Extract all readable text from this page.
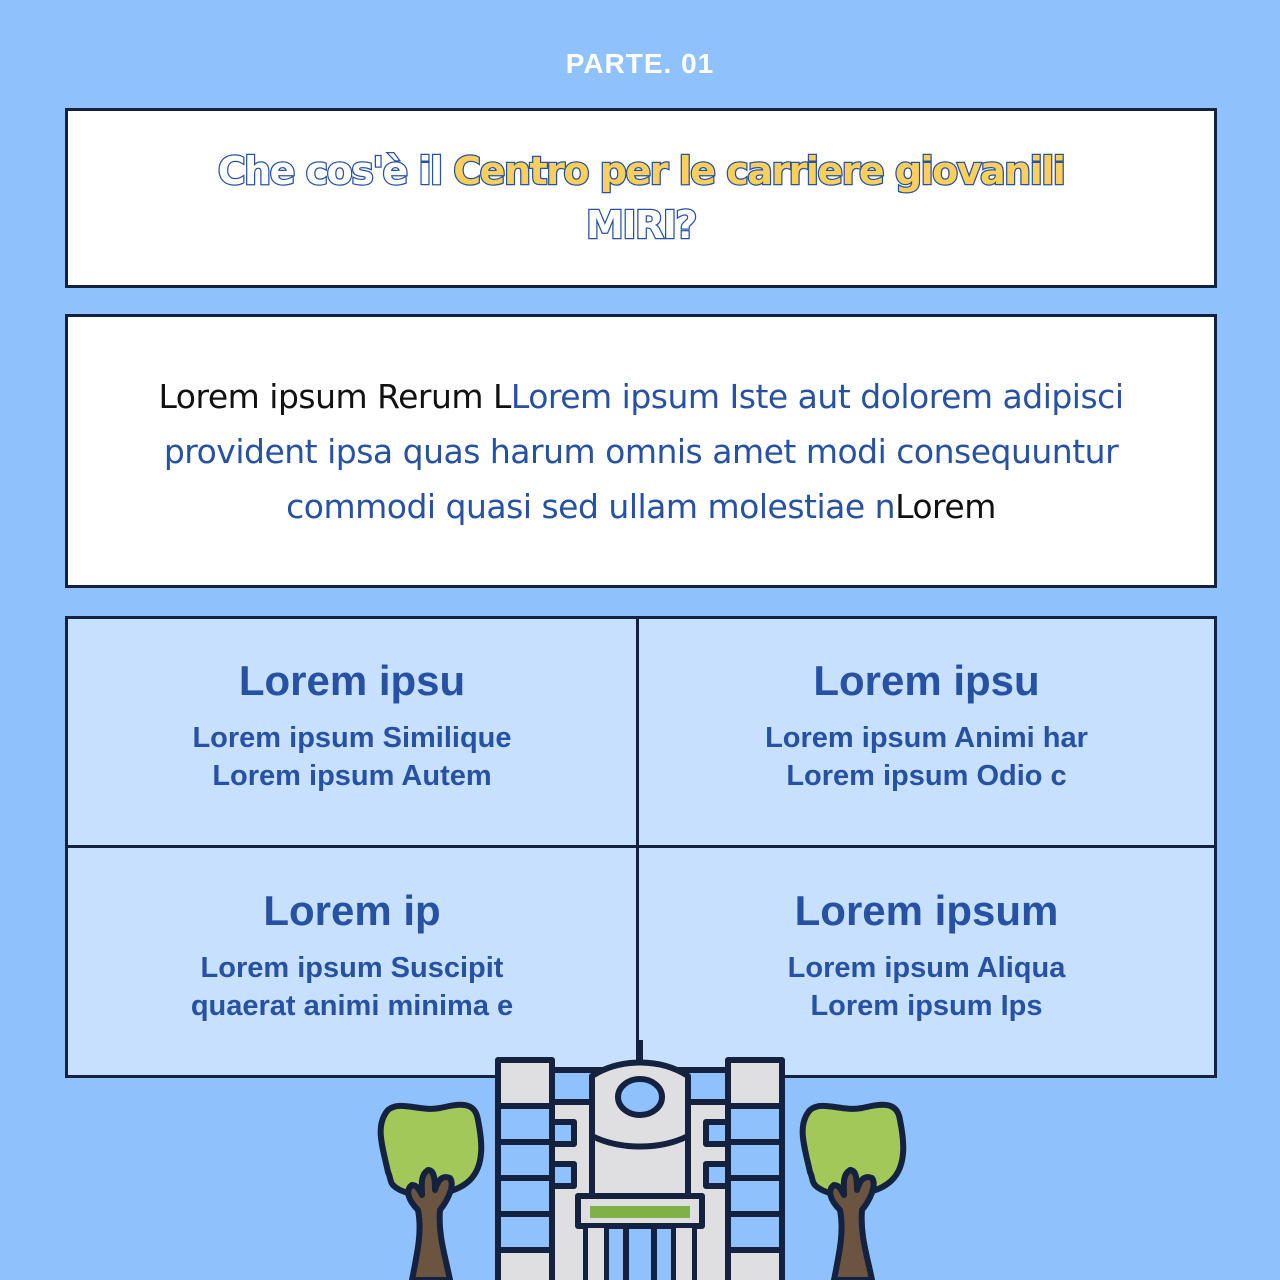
PARTE. 01
Che cos'è il Centro per le carriere giovanili
MIRI?

Lorem ipsum Rerum LLorem ipsum Iste aut dolorem adipisci provident ipsa quas harum omnis amet modi consequuntur commodi quasi sed ullam molestiae nLorem

Lorem ipsu
Lorem ipsum Similique
Lorem ipsum Autem
Lorem ipsu
Lorem ipsum Animi har
Lorem ipsum Odio c
Lorem ip
Lorem ipsum Suscipit
quaerat animi minima e
Lorem ipsum
Lorem ipsum Aliqua
Lorem ipsum Ips
